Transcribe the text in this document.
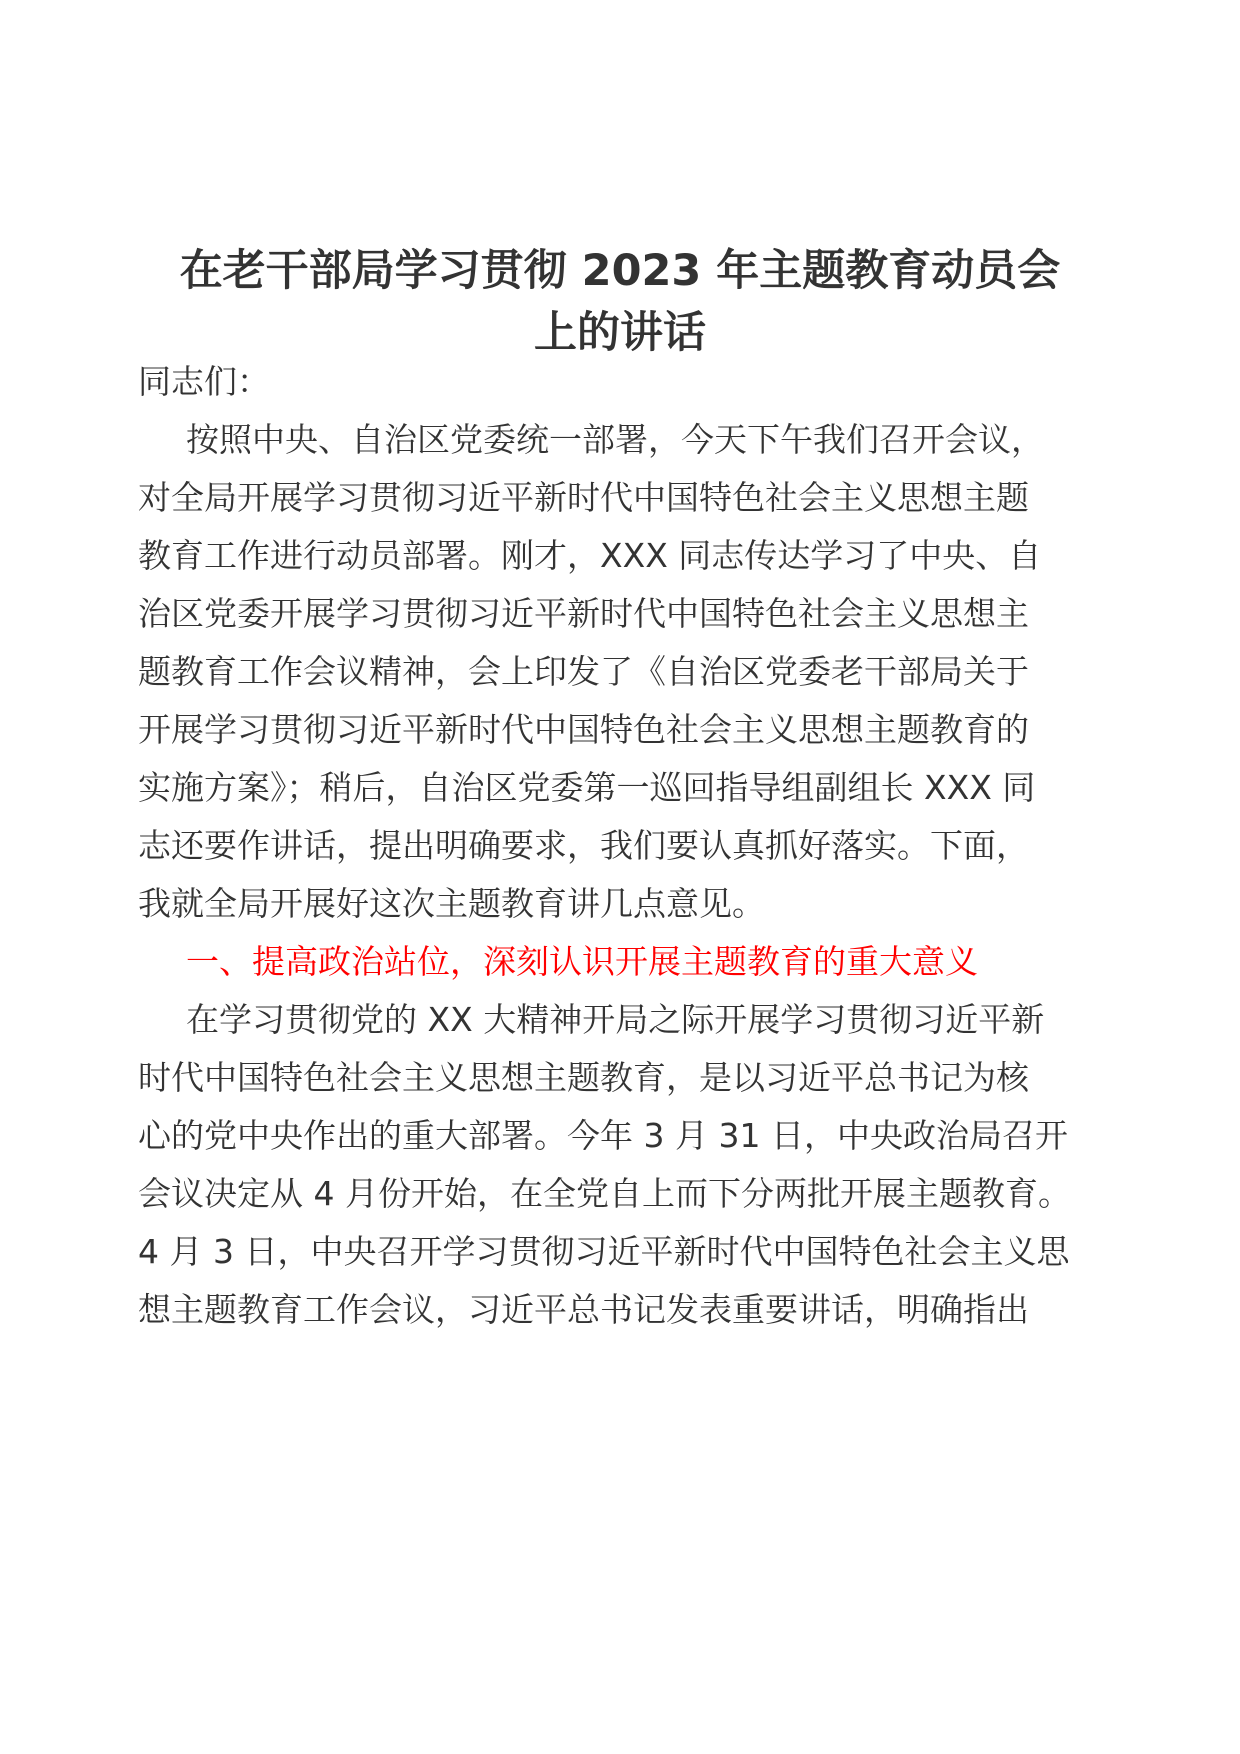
在老干部局学习贯彻 2023 年主题教育动员会
上的讲话
同志们：
按照中央、自治区党委统一部署，今天下午我们召开会议，
对全局开展学习贯彻习近平新时代中国特色社会主义思想主题
教育工作进行动员部署。刚才，XXX 同志传达学习了中央、自
治区党委开展学习贯彻习近平新时代中国特色社会主义思想主
题教育工作会议精神，会上印发了《自治区党委老干部局关于
开展学习贯彻习近平新时代中国特色社会主义思想主题教育的
实施方案》；稍后，自治区党委第一巡回指导组副组长 XXX 同
志还要作讲话，提出明确要求，我们要认真抓好落实。下面，
我就全局开展好这次主题教育讲几点意见。
一、提高政治站位，深刻认识开展主题教育的重大意义
在学习贯彻党的 XX 大精神开局之际开展学习贯彻习近平新
时代中国特色社会主义思想主题教育，是以习近平总书记为核
心的党中央作出的重大部署。今年 3 月 31 日，中央政治局召开
会议决定从 4 月份开始，在全党自上而下分两批开展主题教育。
4 月 3 日，中央召开学习贯彻习近平新时代中国特色社会主义思
想主题教育工作会议，习近平总书记发表重要讲话，明确指出
